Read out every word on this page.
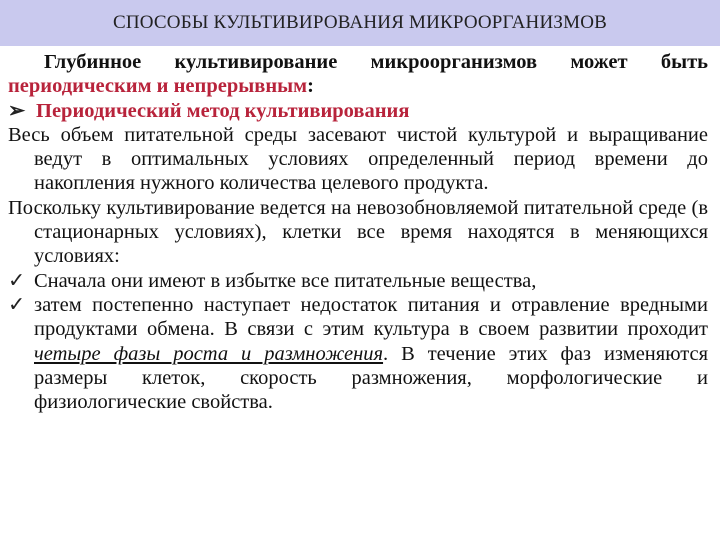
СПОСОБЫ КУЛЬТИВИРОВАНИЯ МИКРООРГАНИЗМОВ

Глубинное культивирование микроорганизмов может быть периодическим и непрерывным:

➢ Периодический метод культивирования

Весь объем питательной среды засевают чистой культурой и выращивание ведут в оптимальных условиях определенный период времени до накопления нужного количества целевого продукта.

Поскольку культивирование ведется на невозобновляемой питательной среде (в стационарных условиях), клетки все время находятся в меняющихся условиях:

✓ Сначала они имеют в избытке все питательные вещества,
✓ затем постепенно наступает недостаток питания и отравление вредными продуктами обмена. В связи с этим культура в своем развитии проходит четыре фазы роста и размножения. В течение этих фаз изменяются размеры клеток, скорость размножения, морфологические и физиологические свойства.
